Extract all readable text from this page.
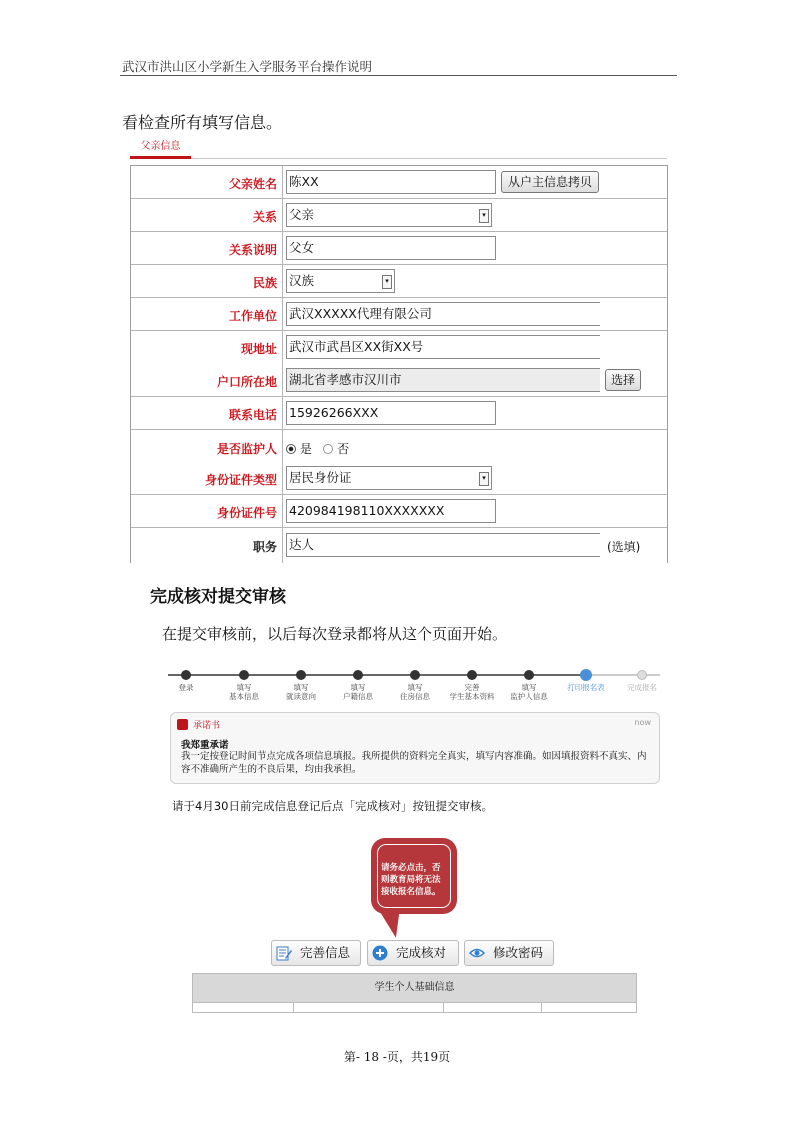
武汉市洪山区小学新生入学服务平台操作说明
看检查所有填写信息。
父亲信息
父亲姓名 陈XX	从户主信息拷贝
关系 父亲	▾
关系说明 父女
民族 汉族	▾
工作单位 武汉XXXXX代理有限公司
现地址 武汉市武昌区XX街XX号
户口所在地 湖北省孝感市汉川市	选择
联系电话 15926266XXX
是否监护人	是 否
身份证件类型 居民身份证	▾
身份证件号 420984198110XXXXXXX
职务 达人	(选填)
完成核对提交审核
在提交审核前，以后每次登录都将从这个页面开始。
登录	填写
基本信息
填写
就读意向
填写
户籍信息
填写
住房信息
完善
学生基本资料
填写
监护人信息
打印报名表	完成报名
承诺书	now
我郑重承诺
我一定按登记时间节点完成各项信息填报。我所提供的资料完全真实，填写内容准确。如因填报资料不真实、内容不准确所产生的不良后果，均由我承担。
请于4月30日前完成信息登记后点「完成核对」按钮提交审核。
请务必点击，否则教育局将无法接收报名信息。
完善信息	完成核对	修改密码
学生个人基础信息
第- 18 -页，共19页
